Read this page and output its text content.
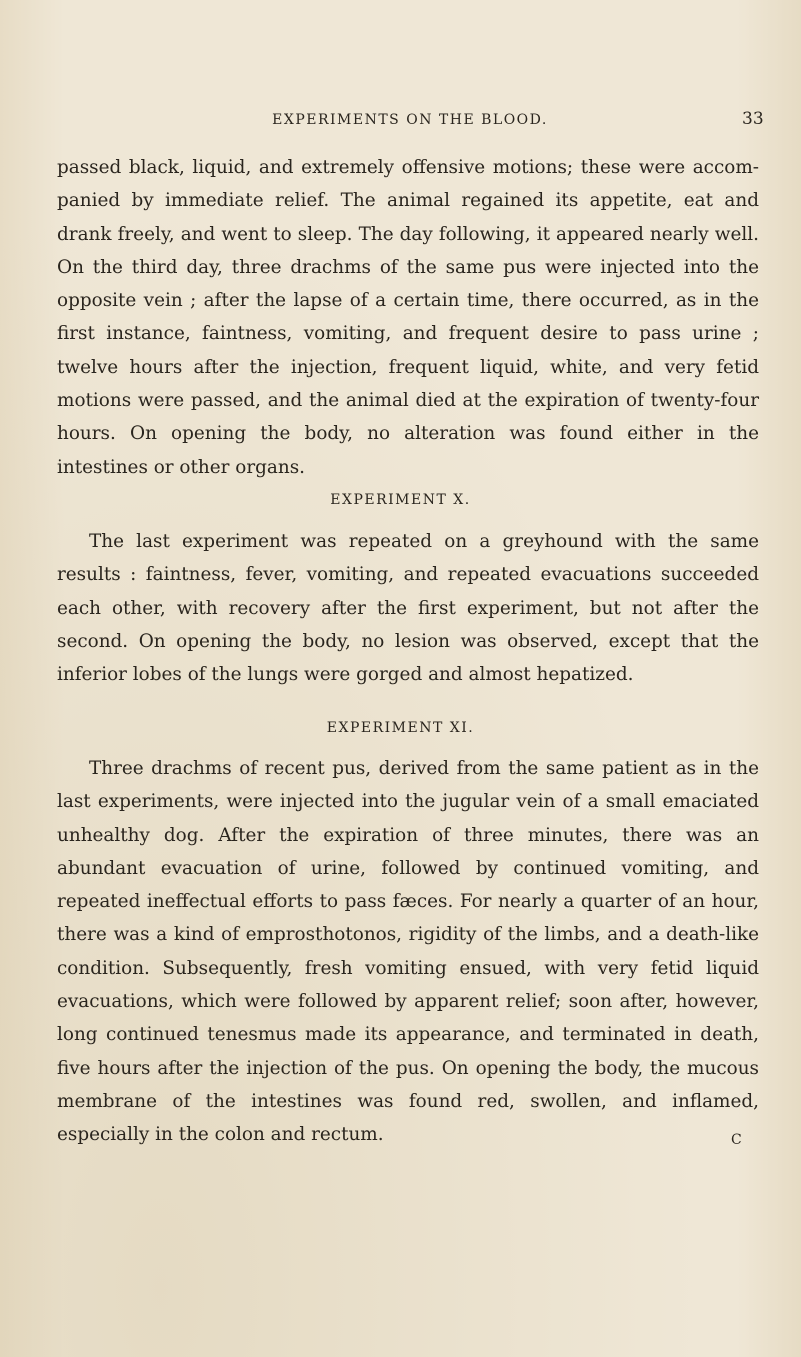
EXPERIMENTS ON THE BLOOD.	33

passed black, liquid, and extremely offensive motions; these were accom-panied by immediate relief. The animal regained its appetite, eat and drank freely, and went to sleep. The day following, it appeared nearly well. On the third day, three drachms of the same pus were injected into the opposite vein ; after the lapse of a certain time, there occurred, as in the first instance, faintness, vomiting, and frequent desire to pass urine ; twelve hours after the injection, frequent liquid, white, and very fetid motions were passed, and the animal died at the expiration of twenty-four hours. On opening the body, no alteration was found either in the intestines or other organs.

EXPERIMENT X.

The last experiment was repeated on a greyhound with the same results : faintness, fever, vomiting, and repeated evacuations succeeded each other, with recovery after the first experiment, but not after the second. On opening the body, no lesion was observed, except that the inferior lobes of the lungs were gorged and almost hepatized.

EXPERIMENT XI.

Three drachms of recent pus, derived from the same patient as in the last experiments, were injected into the jugular vein of a small emaciated unhealthy dog. After the expiration of three minutes, there was an abundant evacuation of urine, followed by continued vomiting, and repeated ineffectual efforts to pass fæces. For nearly a quarter of an hour, there was a kind of emprosthotonos, rigidity of the limbs, and a death-like condition. Subsequently, fresh vomiting ensued, with very fetid liquid evacuations, which were followed by apparent relief; soon after, however, long continued tenesmus made its appearance, and terminated in death, five hours after the injection of the pus. On opening the body, the mucous membrane of the intestines was found red, swollen, and inflamed, especially in the colon and rectum.	C
